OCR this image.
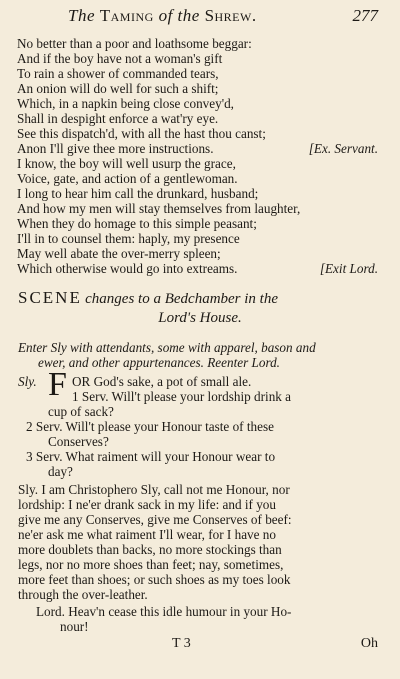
The Taming of the Shrew.	277
No better than a poor and loathsome beggar:
And if the boy have not a woman's gift
To rain a shower of commanded tears,
An onion will do well for such a shift;
Which, in a napkin being close convey'd,
Shall in despight enforce a wat'ry eye.
See this dispatch'd, with all the hast thou canst;
Anon I'll give thee more instructions.	[Ex. Servant.
I know, the boy will well usurp the grace,
Voice, gate, and action of a gentlewoman.
I long to hear him call the drunkard, husband;
And how my men will stay themselves from laughter,
When they do homage to this simple peasant;
I'll in to counsel them: haply, my presence
May well abate the over-merry spleen;
Which otherwise would go into extreams.	[Exit Lord.
SCENE changes to a Bedchamber in the
Lord's House.
Enter Sly with attendants, some with apparel, bason and
ewer, and other appurtenances. Reenter Lord.
Sly. F OR God's sake, a pot of small ale.
1 Serv. Will't please your lordship drink a
cup of sack?
2 Serv. Will't please your Honour taste of these
Conserves?
3 Serv. What raiment will your Honour wear to
day?
Sly. I am Christophero Sly, call not me Honour, nor
lordship: I ne'er drank sack in my life: and if you
give me any Conserves, give me Conserves of beef:
ne'er ask me what raiment I'll wear, for I have no
more doublets than backs, no more stockings than
legs, nor no more shoes than feet; nay, sometimes,
more feet than shoes; or such shoes as my toes look
through the over-leather.
Lord. Heav'n cease this idle humour in your Ho-
nour!
T 3	Oh
